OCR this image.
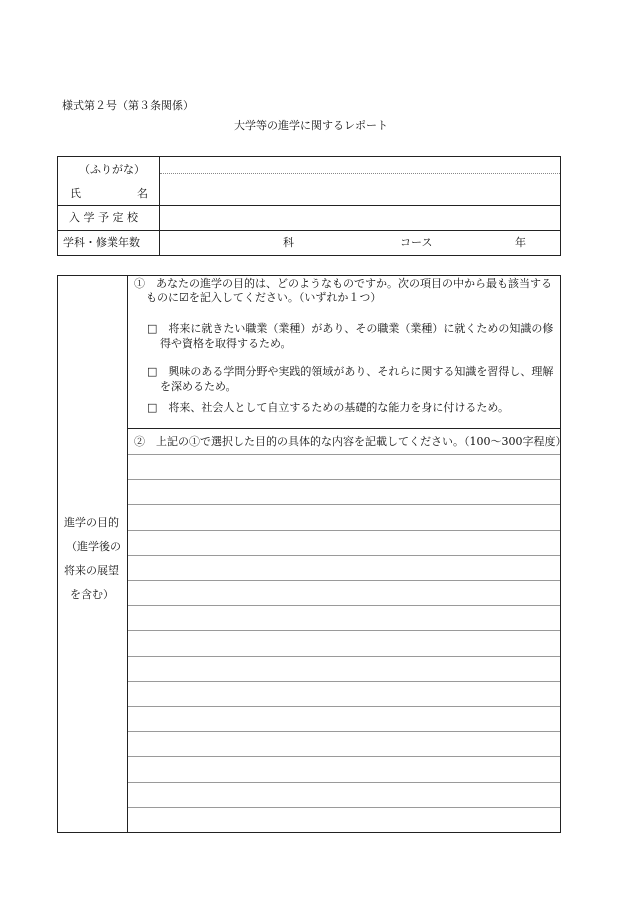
様式第２号（第３条関係）
大学等の進学に関するレポート
（ふりがな）
氏	名
入 学 予 定 校
学科・修業年数	科	コース	年
進学の目的
（進学後の
将来の展望
を含む）
①　あなたの進学の目的は、どのようなものですか。次の項目の中から最も該当する
ものに☑を記入してください。（いずれか１つ）
□　将来に就きたい職業（業種）があり、その職業（業種）に就くための知識の修
得や資格を取得するため。
□　興味のある学問分野や実践的領域があり、それらに関する知識を習得し、理解
を深めるため。
□　将来、社会人として自立するための基礎的な能力を身に付けるため。
②　上記の①で選択した目的の具体的な内容を記載してください。（100～300字程度）
